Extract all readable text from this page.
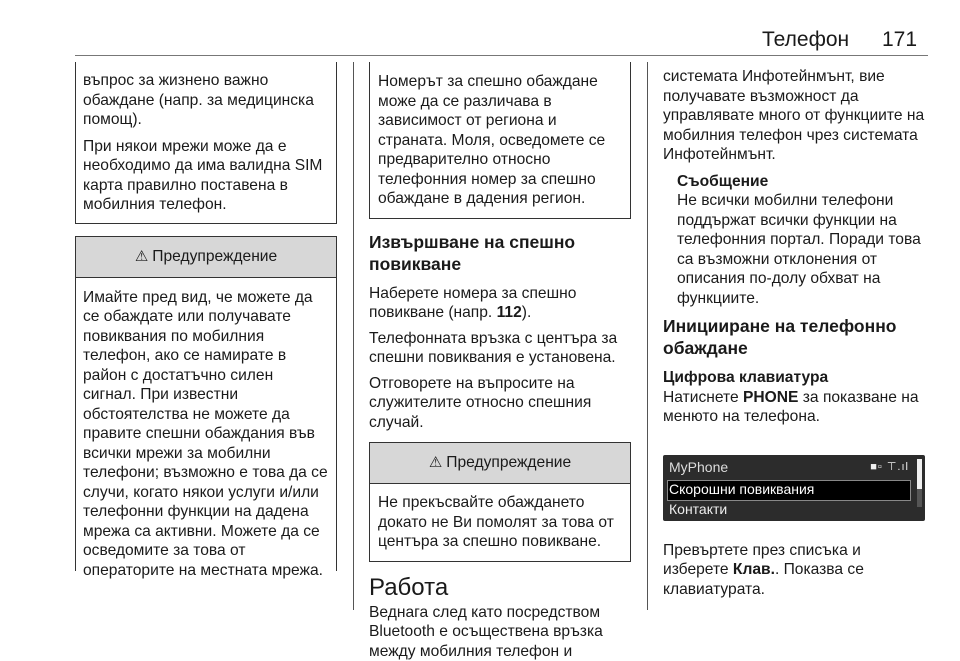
Телефон 171

въпрос за жизнено важно обаждане (напр. за медицинска помощ).

При някои мрежи може да е необходимо да има валидна SIM карта правилно поставена в мобилния телефон.

⚠ Предупреждение

Имайте пред вид, че можете да се обаждате или получавате повиквания по мобилния телефон, ако се намирате в район с достатъчно силен сигнал. При известни обстоятелства не можете да правите спешни обаждания във всички мрежи за мобилни телефони; възможно е това да се случи, когато някои услуги и/или телефонни функции на дадена мрежа са активни. Можете да се осведомите за това от операторите на местната мрежа.

Номерът за спешно обаждане може да се различава в зависимост от региона и страната. Моля, осведомете се предварително относно телефонния номер за спешно обаждане в дадения регион.

Извършване на спешно повикване

Наберете номера за спешно повикване (напр. 112).

Телефонната връзка с центъра за спешни повиквания е установена.

Отговорете на въпросите на служителите относно спешния случай.

⚠ Предупреждение

Не прекъсвайте обаждането докато не Ви помолят за това от центъра за спешно повикване.

Работа

Веднага след като посредством Bluetooth е осъществена връзка между мобилния телефон и

системата Инфотейнмънт, вие получавате възможност да управлявате много от функциите на мобилния телефон чрез системата Инфотейнмънт.

Съобщение

Не всички мобилни телефони поддържат всички функции на телефонния портал. Поради това са възможни отклонения от описания по-долу обхват на функциите.

Иницииране на телефонно обаждане
Цифрова клавиатура

Натиснете PHONE за показване на менюто на телефона.

MyPhone	■▫ ⊤.ıl
Скорошни повиквания
Контакти

Превъртете през списъка и изберете Клав.. Показва се клавиатурата.
